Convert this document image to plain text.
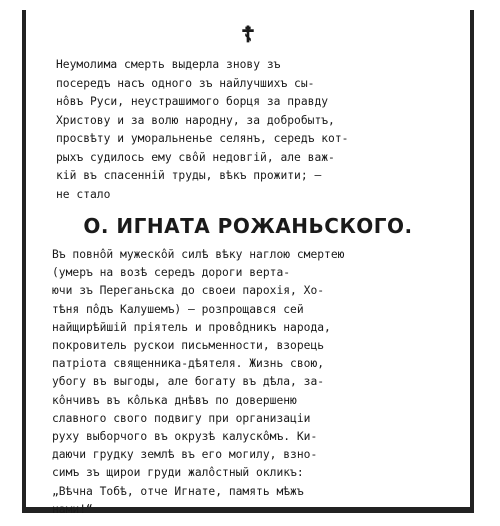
☦

Неумолима смерть выдерла знову зъ
посередъ насъ одного зъ найлучшихъ сы-
нôвъ Руси, неустрашимого борця за правду
Христову и за волю народну, за добробытъ,
просвѣту и уморальненье селянъ, середъ кот-
рыхъ судилось ему свôй недовгій, але важ-
кій въ спасенній труды, вѣкъ прожити; —
не стало

О. ИГНАТА РОЖАНЬСКОГО.

Въ повнôй мужескôй силѣ вѣку наглою смертею
(умеръ на возѣ середъ дороги верта-
ючи зъ Переганьска до своеи парохія, Хо-
тѣня пôдъ Калушемъ) — розпрощався сей
найщирѣйшій пріятель и провôдникъ народа,
покровитель рускои письменности, взорець
патріота священника-дѣятеля. Жизнь свою,
убогу въ выгоды, але богату въ дѣла, за-
кôнчивъ въ кôлька днѣвъ по довершеню
славного свого подвигу при организаціи
руху выборчого въ окрузѣ калускôмъ. Ки-
даючи грудку землѣ въ его могилу, взно-
симъ зъ щирои груди жалôстный окликъ:
„Вѣчна Тобѣ, отче Игнате, память мѣжъ
нами!“
